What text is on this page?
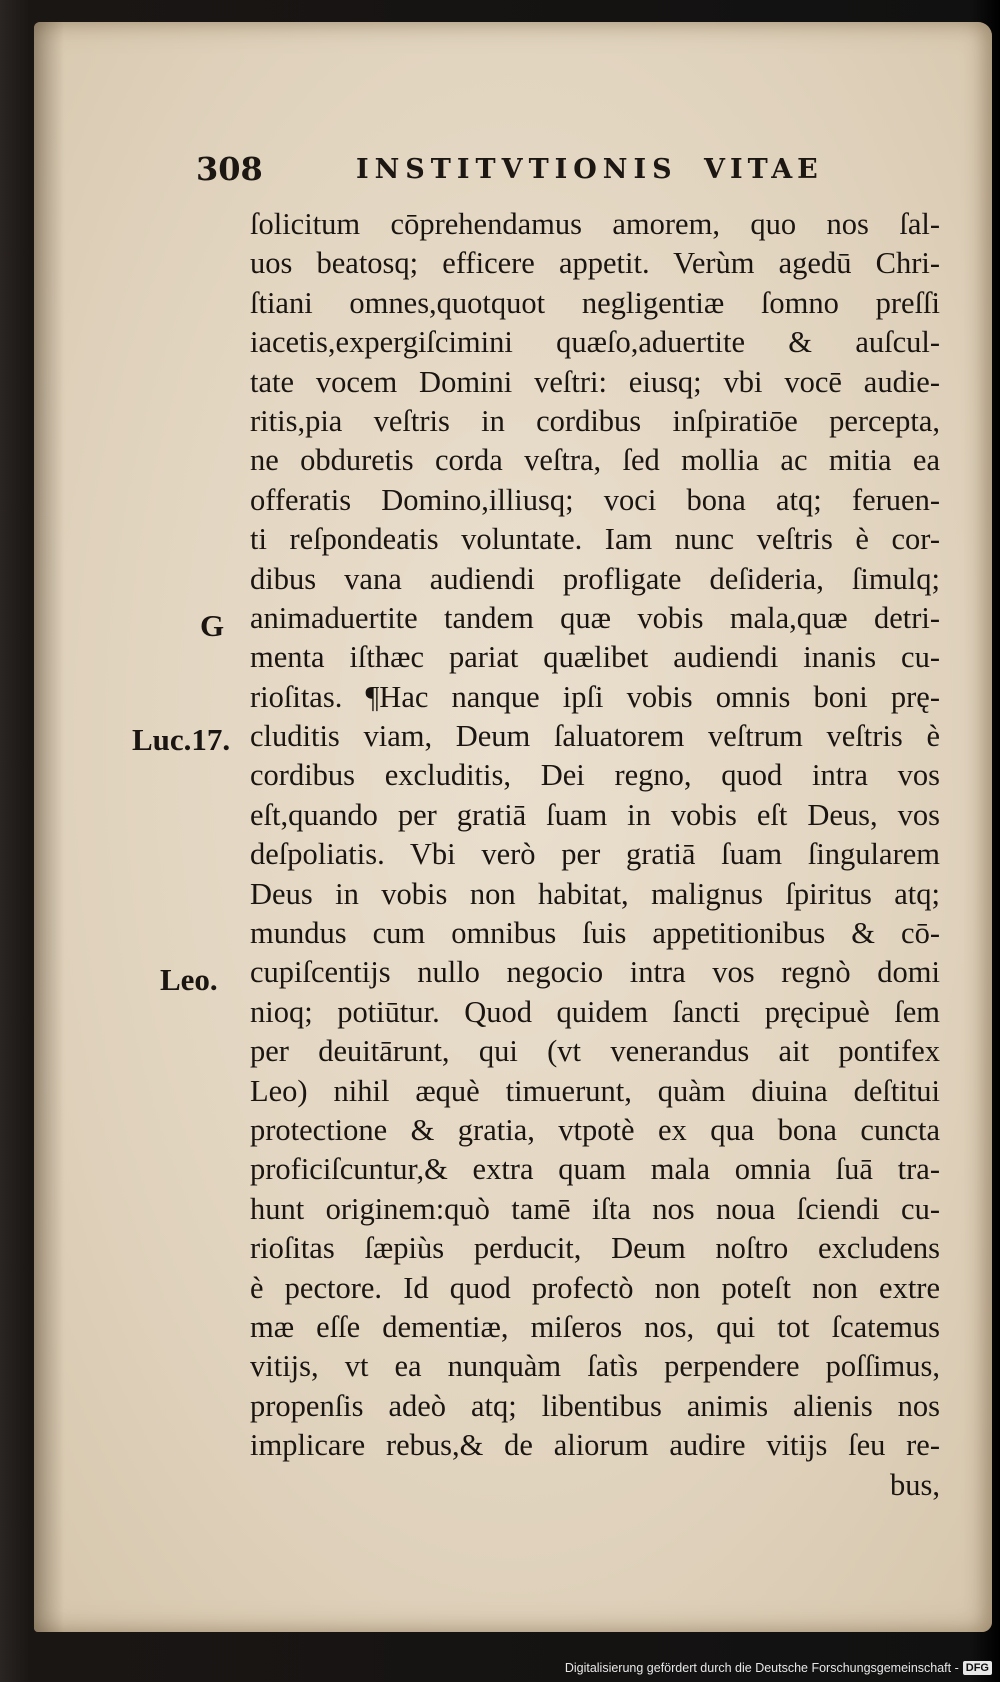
308	INSTITVTIONIS VITAE
G
Luc.17.
Leo.
ſolicitum cōprehendamus amorem, quo nos ſal-
uos beatosq; efficere appetit. Verùm agedū Chri-
ſtiani omnes,quotquot negligentiæ ſomno preſſi
iacetis,expergiſcimini quæſo,aduertite & auſcul-
tate vocem Domini veſtri: eiusq; vbi vocē audie-
ritis,pia veſtris in cordibus inſpiratiōe percepta,
ne obduretis corda veſtra, ſed mollia ac mitia ea
offeratis Domino,illiusq; voci bona atq; feruen-
ti reſpondeatis voluntate. Iam nunc veſtris è cor-
dibus vana audiendi profligate deſideria, ſimulq;
animaduertite tandem quæ vobis mala,quæ detri-
menta iſthæc pariat quælibet audiendi inanis cu-
rioſitas. ¶Hac nanque ipſi vobis omnis boni prę-
cluditis viam, Deum ſaluatorem veſtrum veſtris è
cordibus excluditis, Dei regno, quod intra vos
eſt,quando per gratiā ſuam in vobis eſt Deus, vos
deſpoliatis. Vbi verò per gratiā ſuam ſingularem
Deus in vobis non habitat, malignus ſpiritus atq;
mundus cum omnibus ſuis appetitionibus & cō-
cupiſcentijs nullo negocio intra vos regnò domi
nioq; potiūtur. Quod quidem ſancti pręcipuè ſem
per deuitārunt, qui (vt venerandus ait pontifex
Leo) nihil æquè timuerunt, quàm diuina deſtitui
protectione & gratia, vtpotè ex qua bona cuncta
proficiſcuntur,& extra quam mala omnia ſuā tra-
hunt originem:quò tamē iſta nos noua ſciendi cu-
rioſitas ſæpiùs perducit, Deum noſtro excludens
è pectore. Id quod profectò non poteſt non extre
mæ eſſe dementiæ, miſeros nos, qui tot ſcatemus
vitijs, vt ea nunquàm ſatìs perpendere poſſimus,
propenſis adeò atq; libentibus animis alienis nos
implicare rebus,& de aliorum audire vitijs ſeu re-
bus,
Digitalisierung gefördert durch die Deutsche Forschungsgemeinschaft - DFG
